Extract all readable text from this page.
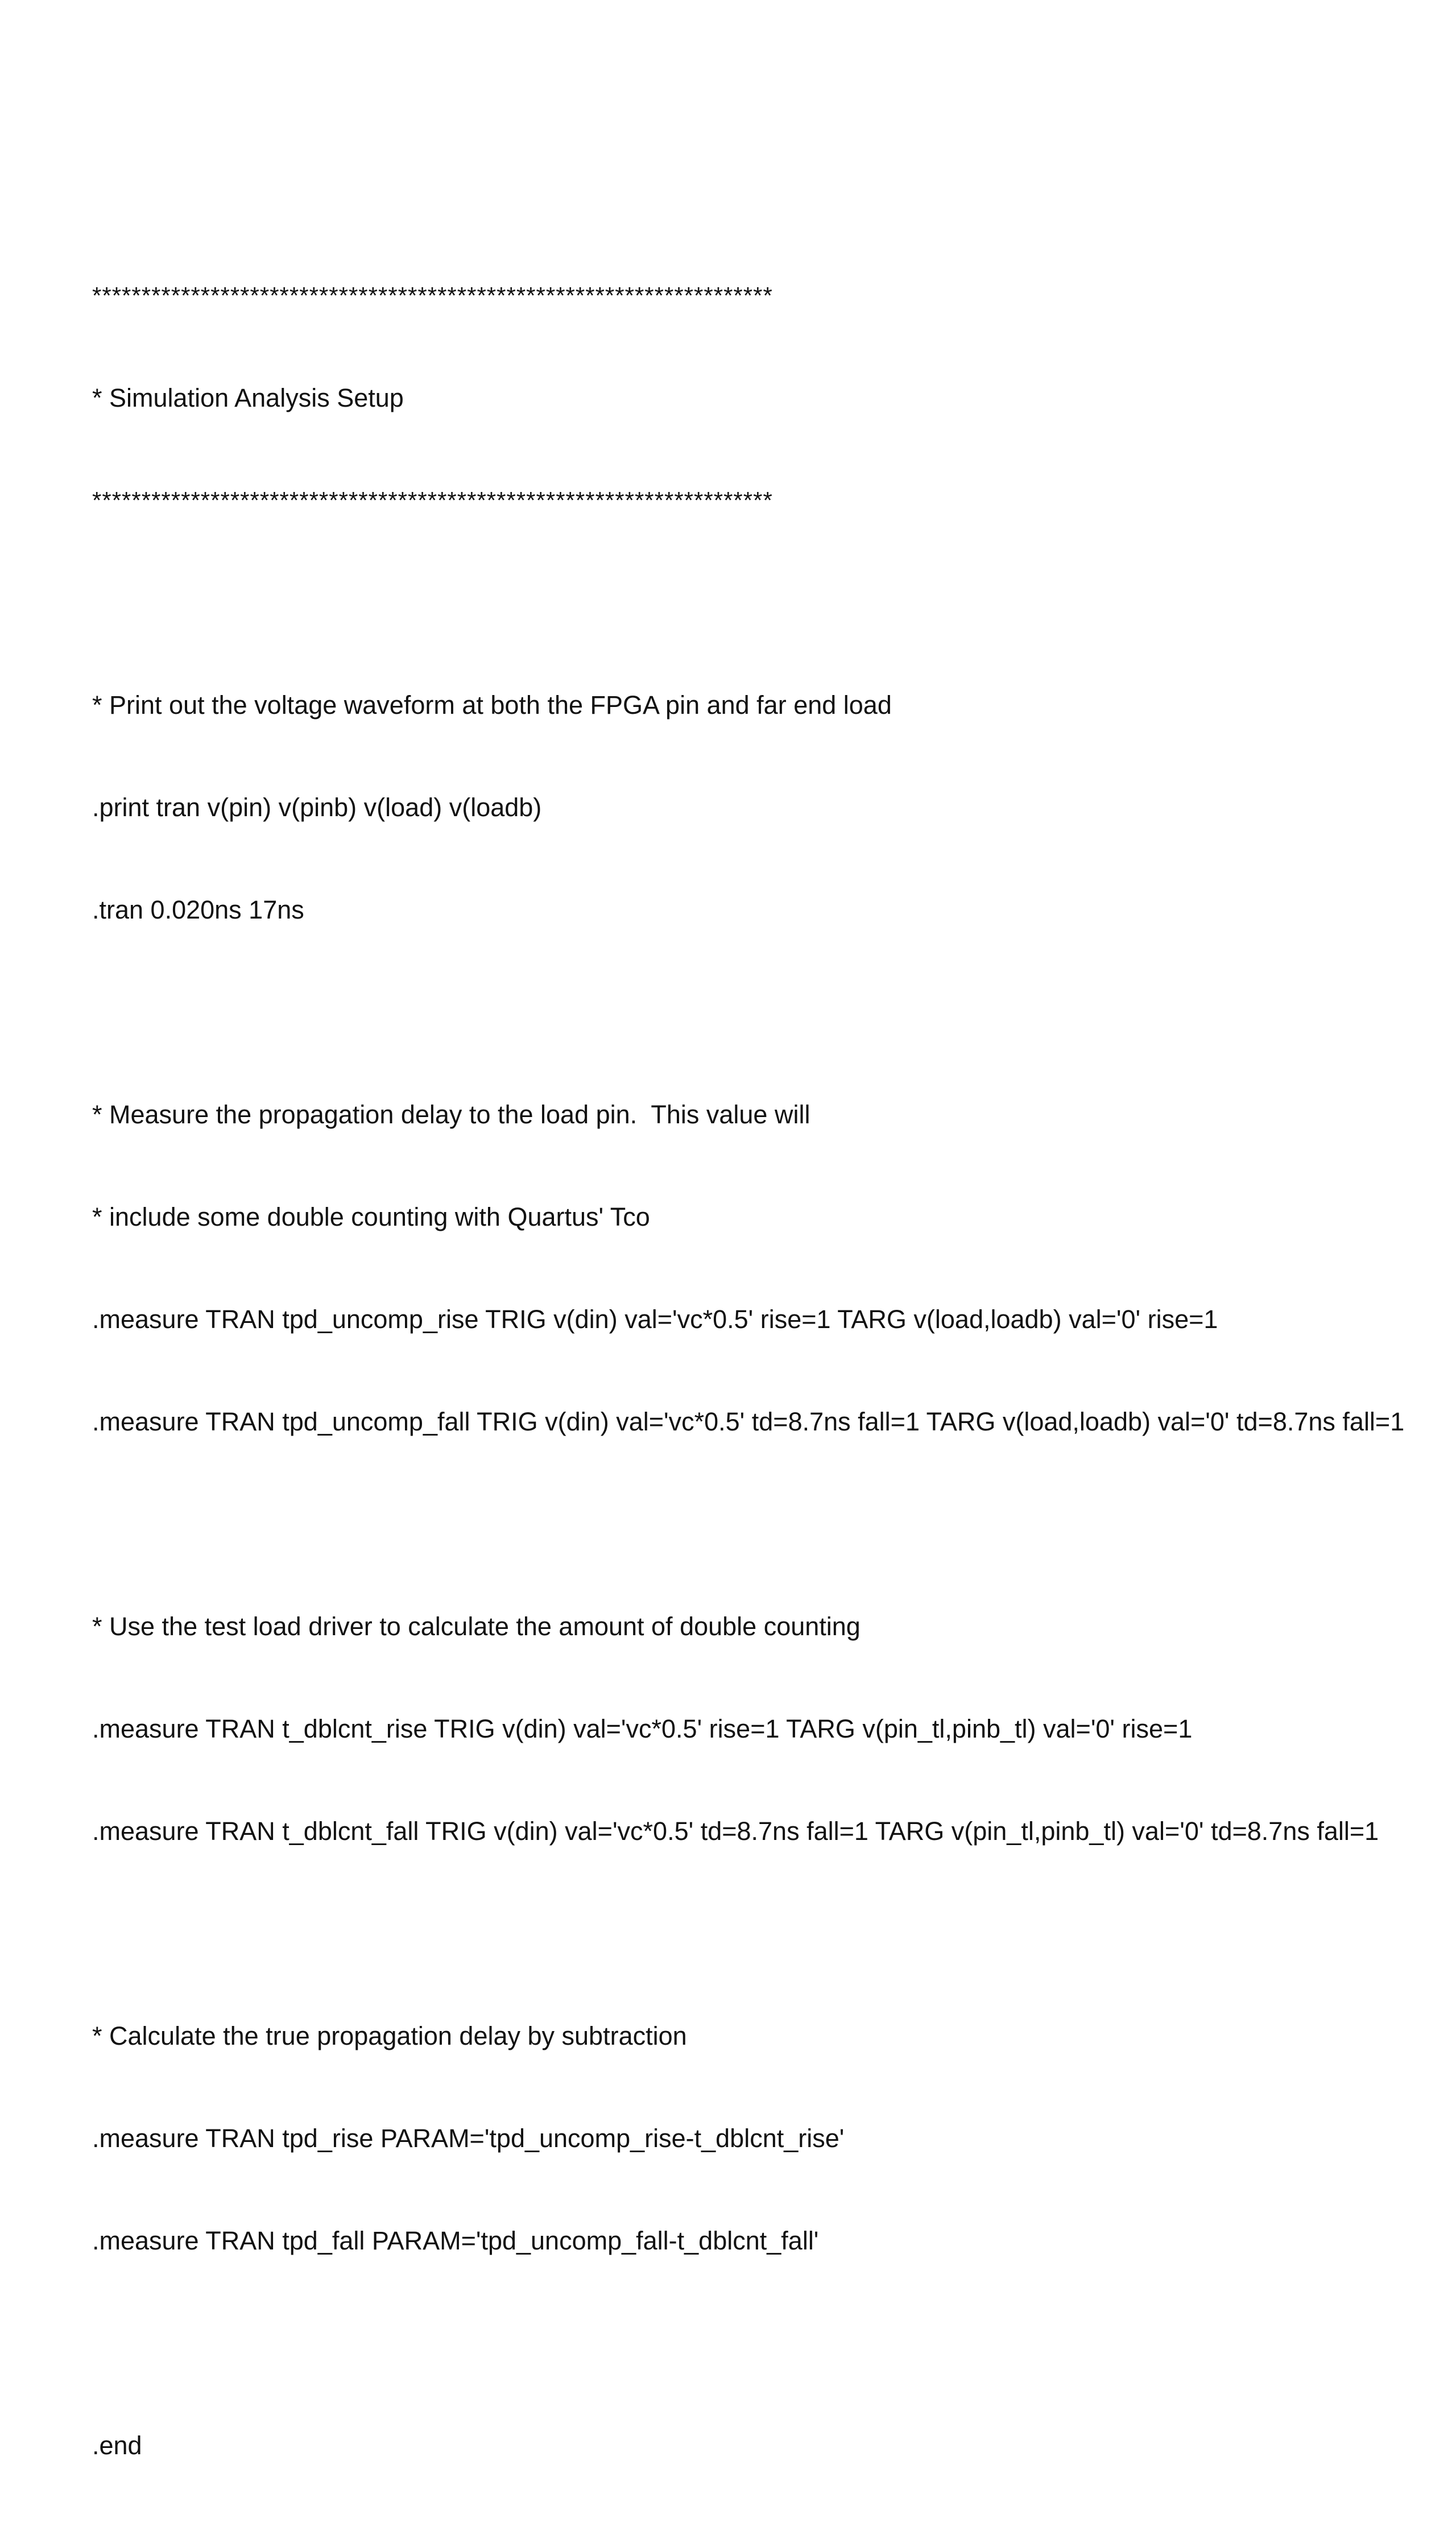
*********************************************************************

* Simulation Analysis Setup

*********************************************************************

* Print out the voltage waveform at both the FPGA pin and far end load

.print tran v(pin) v(pinb) v(load) v(loadb)

.tran 0.020ns 17ns

* Measure the propagation delay to the load pin.  This value will

* include some double counting with Quartus' Tco

.measure TRAN tpd_uncomp_rise TRIG v(din) val='vc*0.5' rise=1 TARG v(load,loadb) val='0' rise=1

.measure TRAN tpd_uncomp_fall TRIG v(din) val='vc*0.5' td=8.7ns fall=1 TARG v(load,loadb) val='0' td=8.7ns fall=1

* Use the test load driver to calculate the amount of double counting

.measure TRAN t_dblcnt_rise TRIG v(din) val='vc*0.5' rise=1 TARG v(pin_tl,pinb_tl) val='0' rise=1

.measure TRAN t_dblcnt_fall TRIG v(din) val='vc*0.5' td=8.7ns fall=1 TARG v(pin_tl,pinb_tl) val='0' td=8.7ns fall=1

* Calculate the true propagation delay by subtraction

.measure TRAN tpd_rise PARAM='tpd_uncomp_rise-t_dblcnt_rise'

.measure TRAN tpd_fall PARAM='tpd_uncomp_fall-t_dblcnt_fall'

.end
